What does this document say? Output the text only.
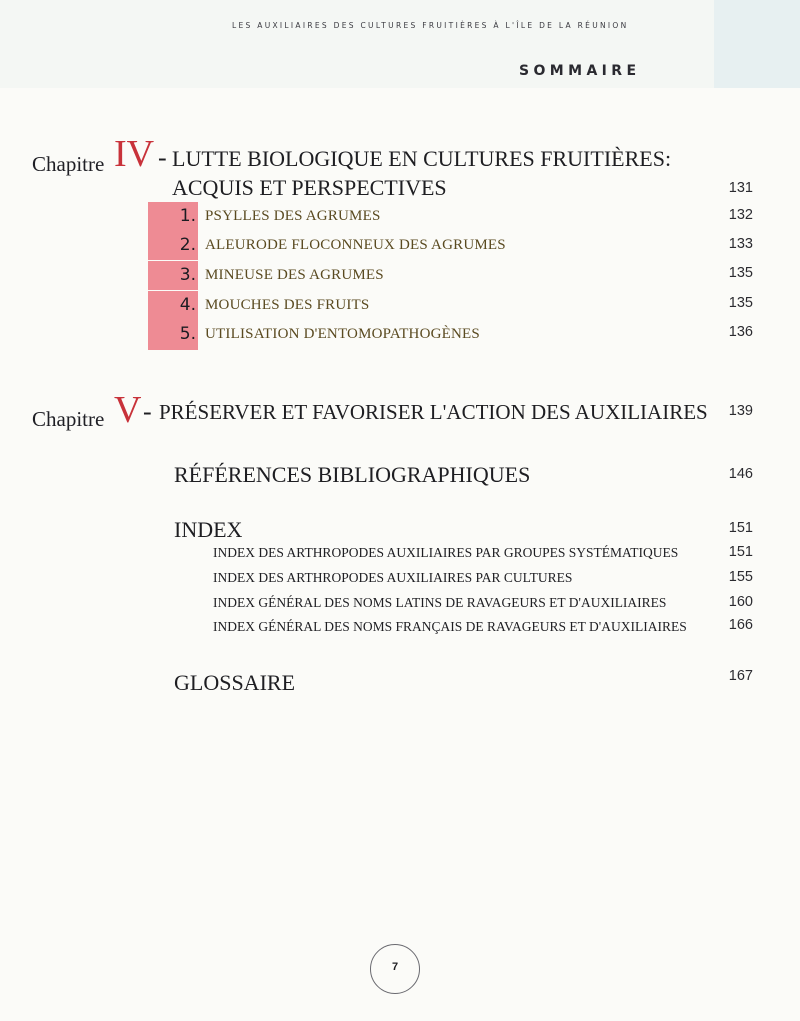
LES AUXILIAIRES DES CULTURES FRUITIÈRES À L'ÎLE DE LA RÉUNION
SOMMAIRE
Chapitre IV - LUTTE BIOLOGIQUE EN CULTURES FRUITIÈRES:
ACQUIS ET PERSPECTIVES	131
1. PSYLLES DES AGRUMES	132
2. ALEURODE FLOCONNEUX DES AGRUMES	133
3. MINEUSE DES AGRUMES	135
4. MOUCHES DES FRUITS	135
5. UTILISATION D'ENTOMOPATHOGÈNES	136
Chapitre V - PRÉSERVER ET FAVORISER L'ACTION DES AUXILIAIRES 139
RÉFÉRENCES BIBLIOGRAPHIQUES	146
INDEX	151
INDEX DES ARTHROPODES AUXILIAIRES PAR GROUPES SYSTÉMATIQUES	151
INDEX DES ARTHROPODES AUXILIAIRES PAR CULTURES	155
INDEX GÉNÉRAL DES NOMS LATINS DE RAVAGEURS ET D'AUXILIAIRES	160
INDEX GÉNÉRAL DES NOMS FRANÇAIS DE RAVAGEURS ET D'AUXILIAIRES	166
GLOSSAIRE	167
7
